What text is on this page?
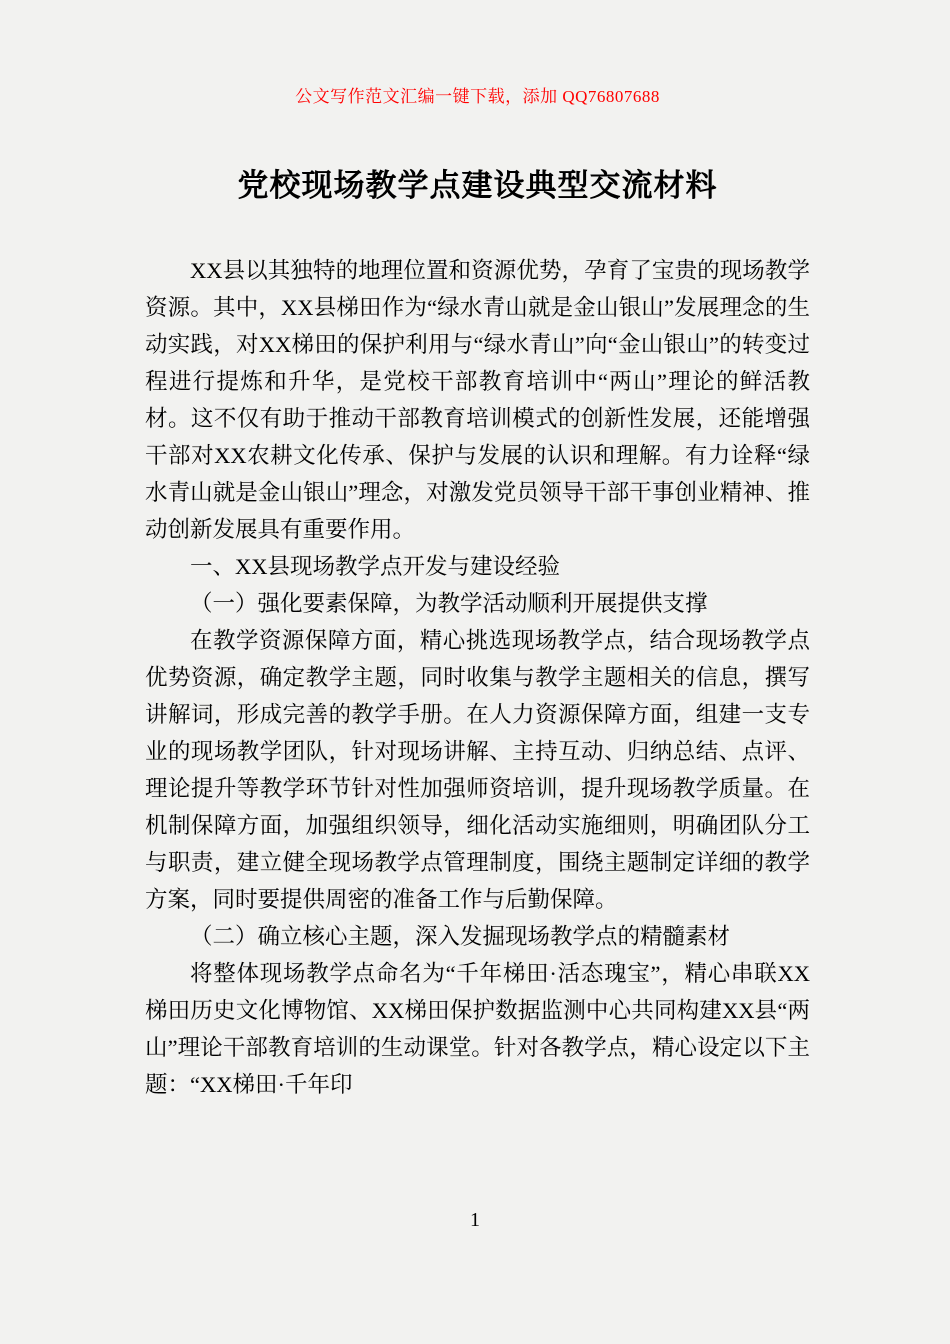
公文写作范文汇编一键下载，添加 QQ76807688
党校现场教学点建设典型交流材料

XX县以其独特的地理位置和资源优势，孕育了宝贵的现场教学资源。其中，XX县梯田作为“绿水青山就是金山银山”发展理念的生动实践，对XX梯田的保护利用与“绿水青山”向“金山银山”的转变过程进行提炼和升华，是党校干部教育培训中“两山”理论的鲜活教材。这不仅有助于推动干部教育培训模式的创新性发展，还能增强干部对XX农耕文化传承、保护与发展的认识和理解。有力诠释“绿水青山就是金山银山”理念，对激发党员领导干部干事创业精神、推动创新发展具有重要作用。

一、XX县现场教学点开发与建设经验

（一）强化要素保障，为教学活动顺利开展提供支撑

在教学资源保障方面，精心挑选现场教学点，结合现场教学点优势资源，确定教学主题，同时收集与教学主题相关的信息，撰写讲解词，形成完善的教学手册。在人力资源保障方面，组建一支专业的现场教学团队，针对现场讲解、主持互动、归纳总结、点评、理论提升等教学环节针对性加强师资培训，提升现场教学质量。在机制保障方面，加强组织领导，细化活动实施细则，明确团队分工与职责，建立健全现场教学点管理制度，围绕主题制定详细的教学方案，同时要提供周密的准备工作与后勤保障。

（二）确立核心主题，深入发掘现场教学点的精髓素材

将整体现场教学点命名为“千年梯田·活态瑰宝”，精心串联XX梯田历史文化博物馆、XX梯田保护数据监测中心共同构建XX县“两山”理论干部教育培训的生动课堂。针对各教学点，精心设定以下主题：“XX梯田·千年印

1
